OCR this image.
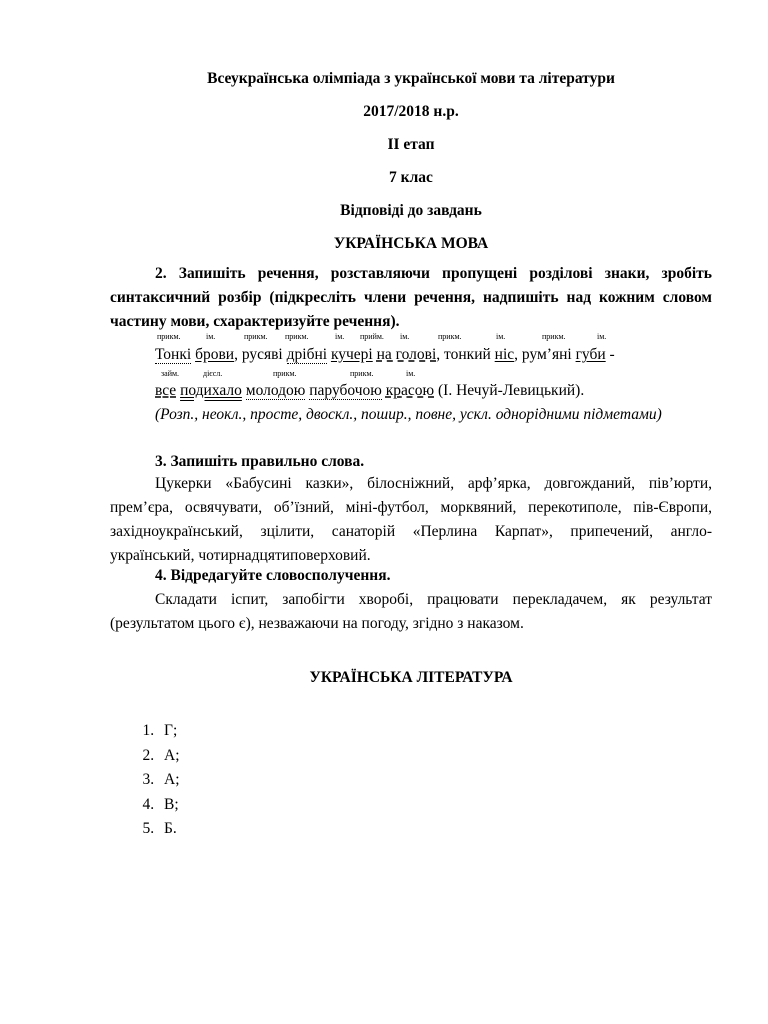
Всеукраїнська олімпіада з української мови та літератури
2017/2018 н.р.
ІІ етап
7 клас
Відповіді до завдань
УКРАЇНСЬКА МОВА
2. Запишіть речення, розставляючи пропущені розділові знаки, зробіть синтаксичний розбір (підкресліть члени речення, надпишіть над кожним словом частину мови, схарактеризуйте речення).
прикм.	ім.	прикм. прикм.	ім. прийм. ім.	прикм.	ім.	прикм.	ім.
Тонкі брови, русяві дрібні кучері на голові, тонкий ніс, рум’яні губи -
займ.	дієсл.	прикм.	прикм.	ім.
все подихало молодою парубочою красою (І. Нечуй-Левицький).
(Розп., неокл., просте, двоскл., пошир., повне, ускл. однорідними підметами)
3. Запишіть правильно слова.
Цукерки «Бабусині казки», білосніжний, арф’ярка, довгожданий, пів’юрти, прем’єра, освячувати, об’їзний, міні-футбол, морквяний, перекотиполе, пів-Європи, західноукраїнський, зцілити, санаторій «Перлина Карпат», припечений, англо-український, чотирнадцятиповерховий.
4. Відредагуйте словосполучення.
Складати іспит, запобігти хворобі, працювати перекладачем, як результат (результатом цього є), незважаючи на погоду, згідно з наказом.
УКРАЇНСЬКА ЛІТЕРАТУРА
1. Г;
2. А;
3. А;
4. В;
5. Б.
